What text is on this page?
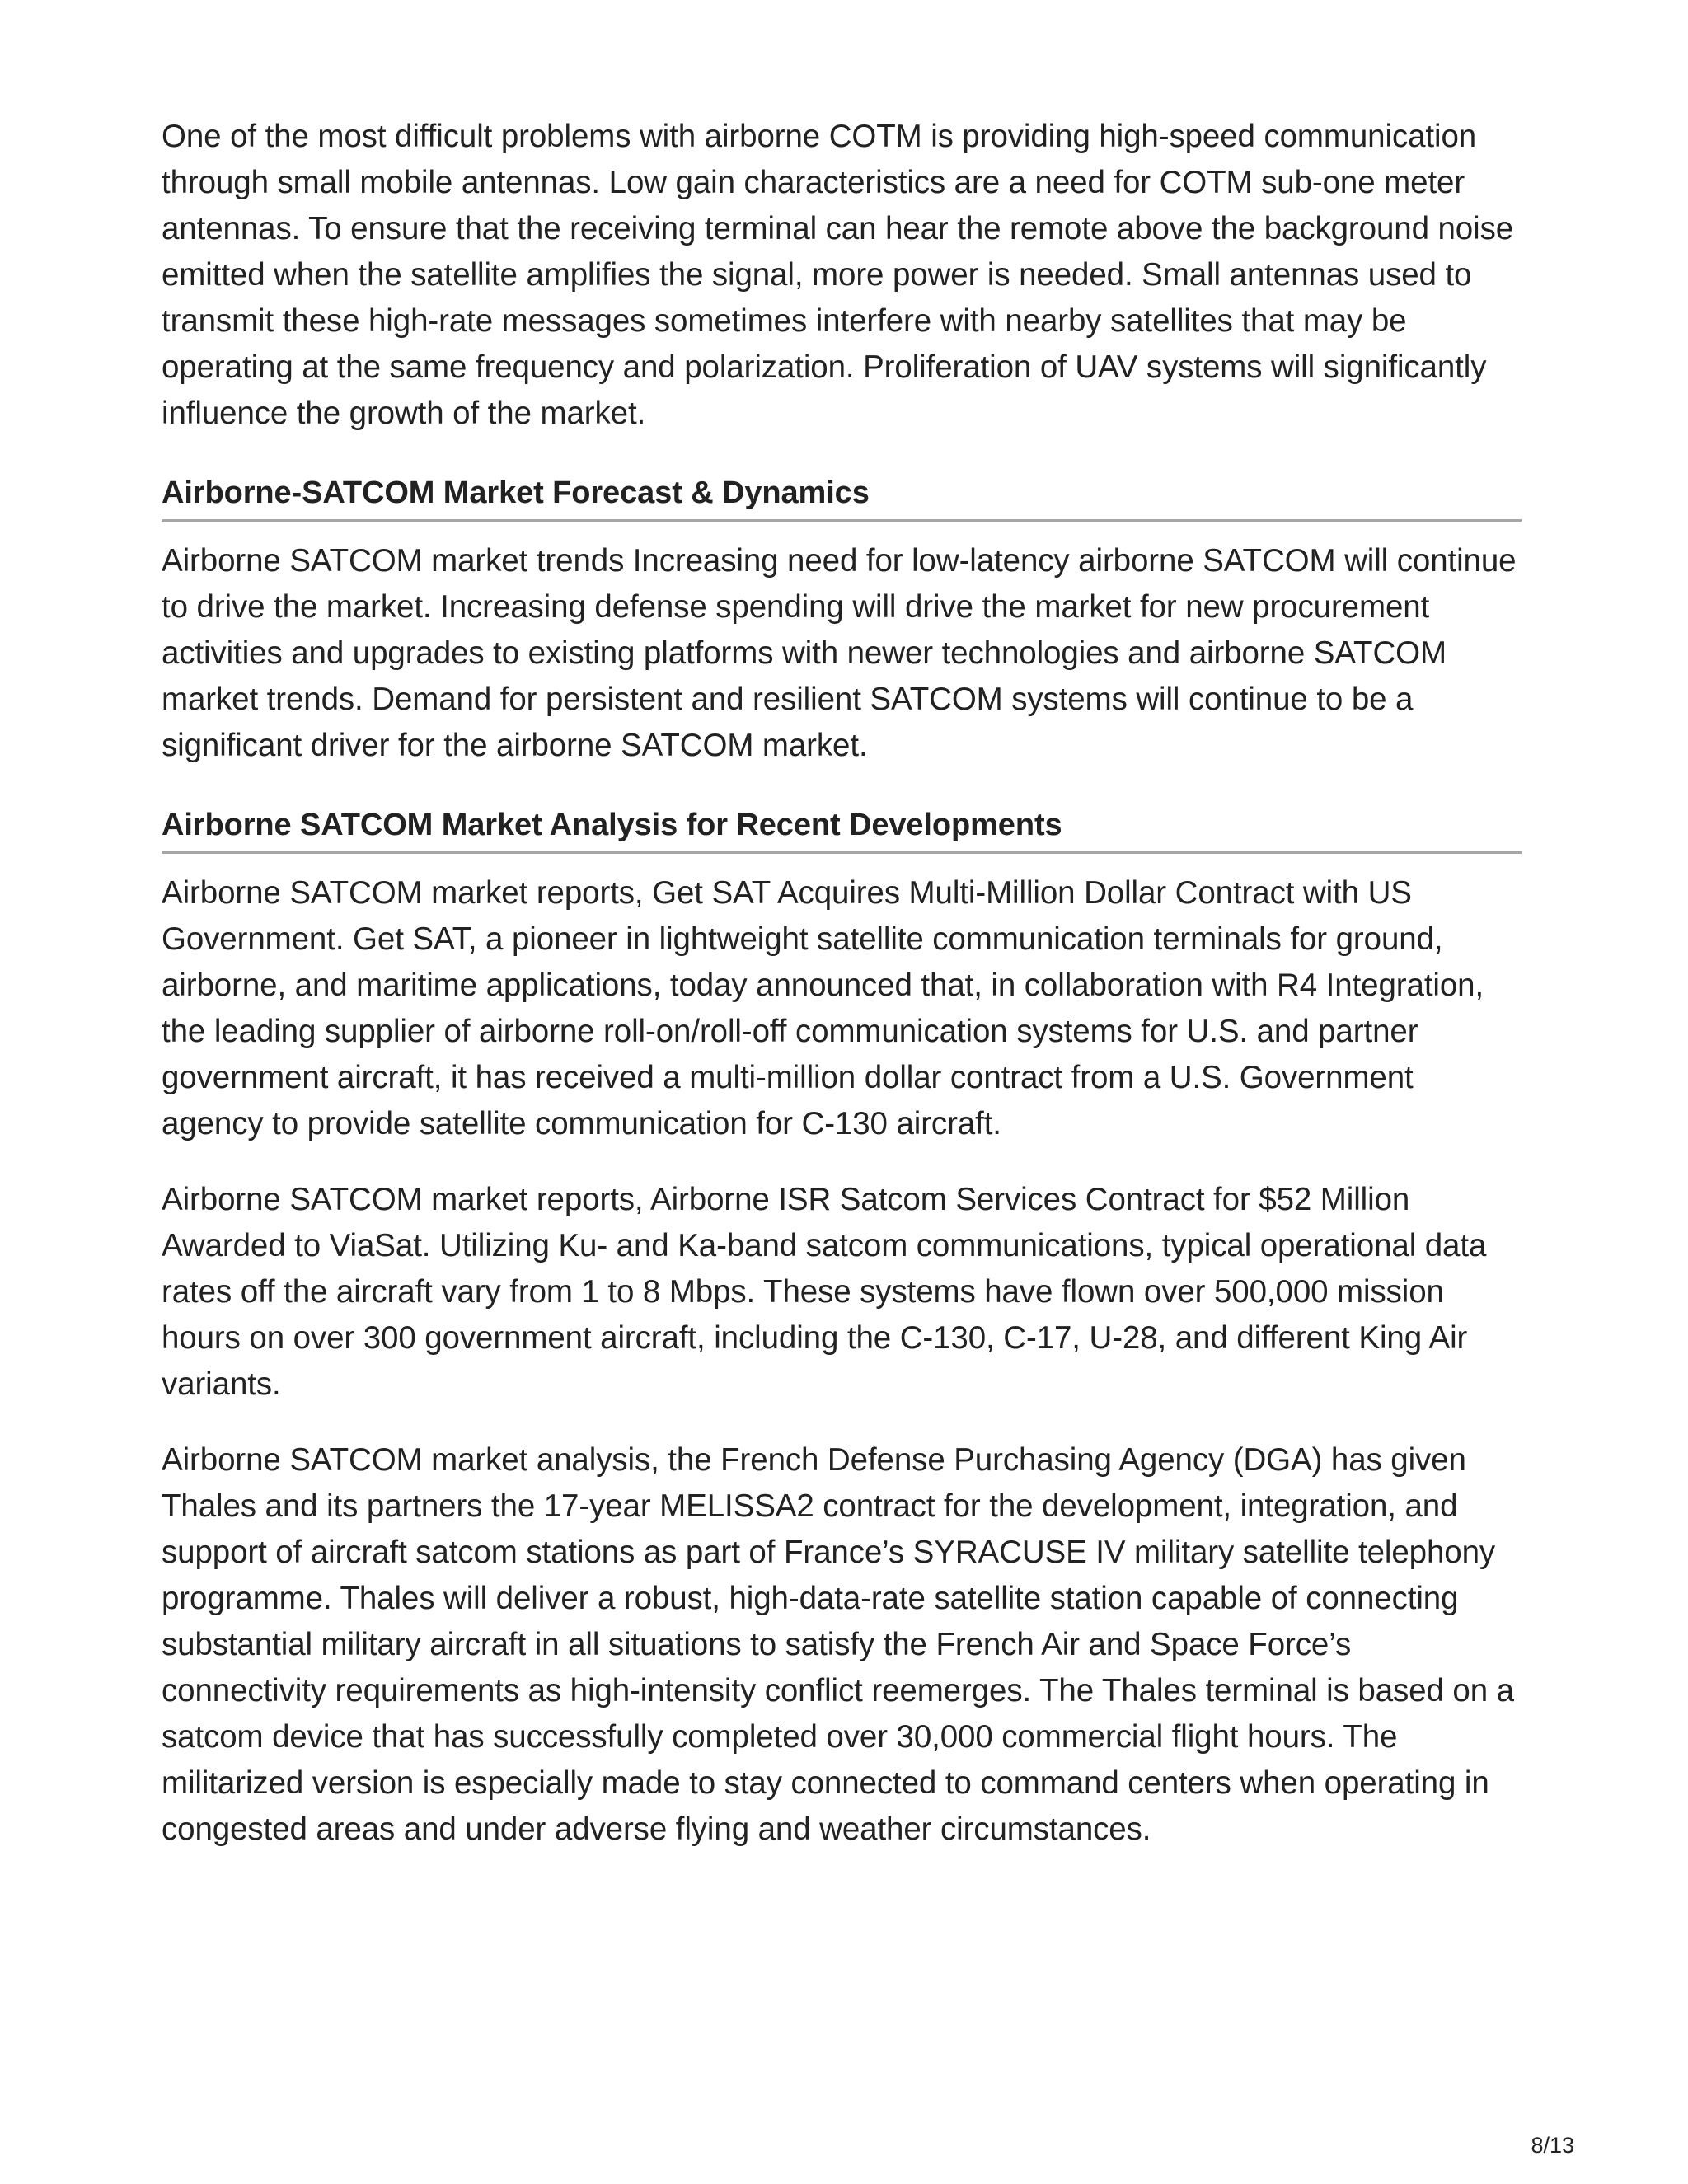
One of the most difficult problems with airborne COTM is providing high-speed communication through small mobile antennas. Low gain characteristics are a need for COTM sub-one meter antennas. To ensure that the receiving terminal can hear the remote above the background noise emitted when the satellite amplifies the signal, more power is needed. Small antennas used to transmit these high-rate messages sometimes interfere with nearby satellites that may be operating at the same frequency and polarization. Proliferation of UAV systems will significantly influence the growth of the market.

Airborne-SATCOM Market Forecast & Dynamics

Airborne SATCOM market trends Increasing need for low-latency airborne SATCOM will continue to drive the market. Increasing defense spending will drive the market for new procurement activities and upgrades to existing platforms with newer technologies and airborne SATCOM market trends. Demand for persistent and resilient SATCOM systems will continue to be a significant driver for the airborne SATCOM market.

Airborne SATCOM Market Analysis for Recent Developments

Airborne SATCOM market reports, Get SAT Acquires Multi-Million Dollar Contract with US Government. Get SAT, a pioneer in lightweight satellite communication terminals for ground, airborne, and maritime applications, today announced that, in collaboration with R4 Integration, the leading supplier of airborne roll-on/roll-off communication systems for U.S. and partner government aircraft, it has received a multi-million dollar contract from a U.S. Government agency to provide satellite communication for C-130 aircraft.

Airborne SATCOM market reports, Airborne ISR Satcom Services Contract for $52 Million Awarded to ViaSat. Utilizing Ku- and Ka-band satcom communications, typical operational data rates off the aircraft vary from 1 to 8 Mbps. These systems have flown over 500,000 mission hours on over 300 government aircraft, including the C-130, C-17, U-28, and different King Air variants.

Airborne SATCOM market analysis, the French Defense Purchasing Agency (DGA) has given Thales and its partners the 17-year MELISSA2 contract for the development, integration, and support of aircraft satcom stations as part of France’s SYRACUSE IV military satellite telephony programme. Thales will deliver a robust, high-data-rate satellite station capable of connecting substantial military aircraft in all situations to satisfy the French Air and Space Force’s connectivity requirements as high-intensity conflict reemerges. The Thales terminal is based on a satcom device that has successfully completed over 30,000 commercial flight hours. The militarized version is especially made to stay connected to command centers when operating in congested areas and under adverse flying and weather circumstances.

8/13
